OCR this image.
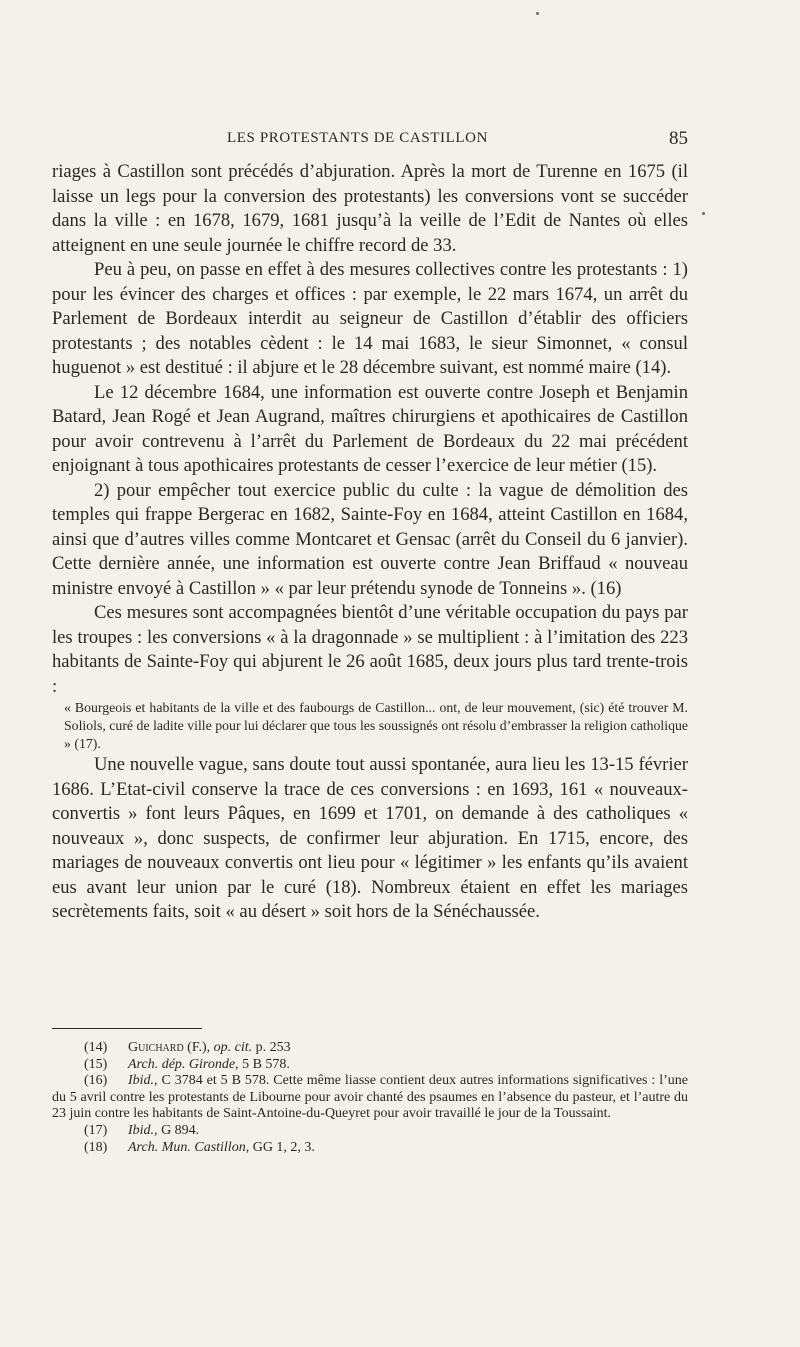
LES PROTESTANTS DE CASTILLON	85

riages à Castillon sont précédés d’abjuration. Après la mort de Turenne en 1675 (il laisse un legs pour la conversion des protestants) les conversions vont se succéder dans la ville : en 1678, 1679, 1681 jusqu’à la veille de l’Edit de Nantes où elles atteignent en une seule journée le chiffre record de 33.

Peu à peu, on passe en effet à des mesures collectives contre les protestants : 1) pour les évincer des charges et offices : par exemple, le 22 mars 1674, un arrêt du Parlement de Bordeaux interdit au seigneur de Castillon d’établir des officiers protestants ; des notables cèdent : le 14 mai 1683, le sieur Simonnet, « consul huguenot » est destitué : il abjure et le 28 décembre suivant, est nommé maire (14).

Le 12 décembre 1684, une information est ouverte contre Joseph et Benjamin Batard, Jean Rogé et Jean Augrand, maîtres chirurgiens et apothicaires de Castillon pour avoir contrevenu à l’arrêt du Parlement de Bordeaux du 22 mai précédent enjoignant à tous apothicaires protestants de cesser l’exercice de leur métier (15).

2) pour empêcher tout exercice public du culte : la vague de démolition des temples qui frappe Bergerac en 1682, Sainte-Foy en 1684, atteint Castillon en 1684, ainsi que d’autres villes comme Montcaret et Gensac (arrêt du Conseil du 6 janvier). Cette dernière année, une information est ouverte contre Jean Briffaud « nouveau ministre envoyé à Castillon » « par leur prétendu synode de Tonneins ». (16)

Ces mesures sont accompagnées bientôt d’une véritable occupation du pays par les troupes : les conversions « à la dragonnade » se multiplient : à l’imitation des 223 habitants de Sainte-Foy qui abjurent le 26 août 1685, deux jours plus tard trente-trois :

« Bourgeois et habitants de la ville et des faubourgs de Castillon... ont, de leur mouvement, (sic) été trouver M. Soliols, curé de ladite ville pour lui déclarer que tous les soussignés ont résolu d’embrasser la religion catholique » (17).

Une nouvelle vague, sans doute tout aussi spontanée, aura lieu les 13-15 février 1686. L’Etat-civil conserve la trace de ces conversions : en 1693, 161 « nouveaux-convertis » font leurs Pâques, en 1699 et 1701, on demande à des catholiques « nouveaux », donc suspects, de confirmer leur abjuration. En 1715, encore, des mariages de nouveaux convertis ont lieu pour « légitimer » les enfants qu’ils avaient eus avant leur union par le curé (18). Nombreux étaient en effet les mariages secrètements faits, soit « au désert » soit hors de la Sénéchaussée.

(14) Guichard (F.), op. cit. p. 253

(15) Arch. dép. Gironde, 5 B 578.

(16) Ibid., C 3784 et 5 B 578. Cette même liasse contient deux autres informations significatives : l’une du 5 avril contre les protestants de Libourne pour avoir chanté des psaumes en l’absence du pasteur, et l’autre du 23 juin contre les habitants de Saint-Antoine-du-Queyret pour avoir travaillé le jour de la Toussaint.

(17) Ibid., G 894.

(18) Arch. Mun. Castillon, GG 1, 2, 3.
